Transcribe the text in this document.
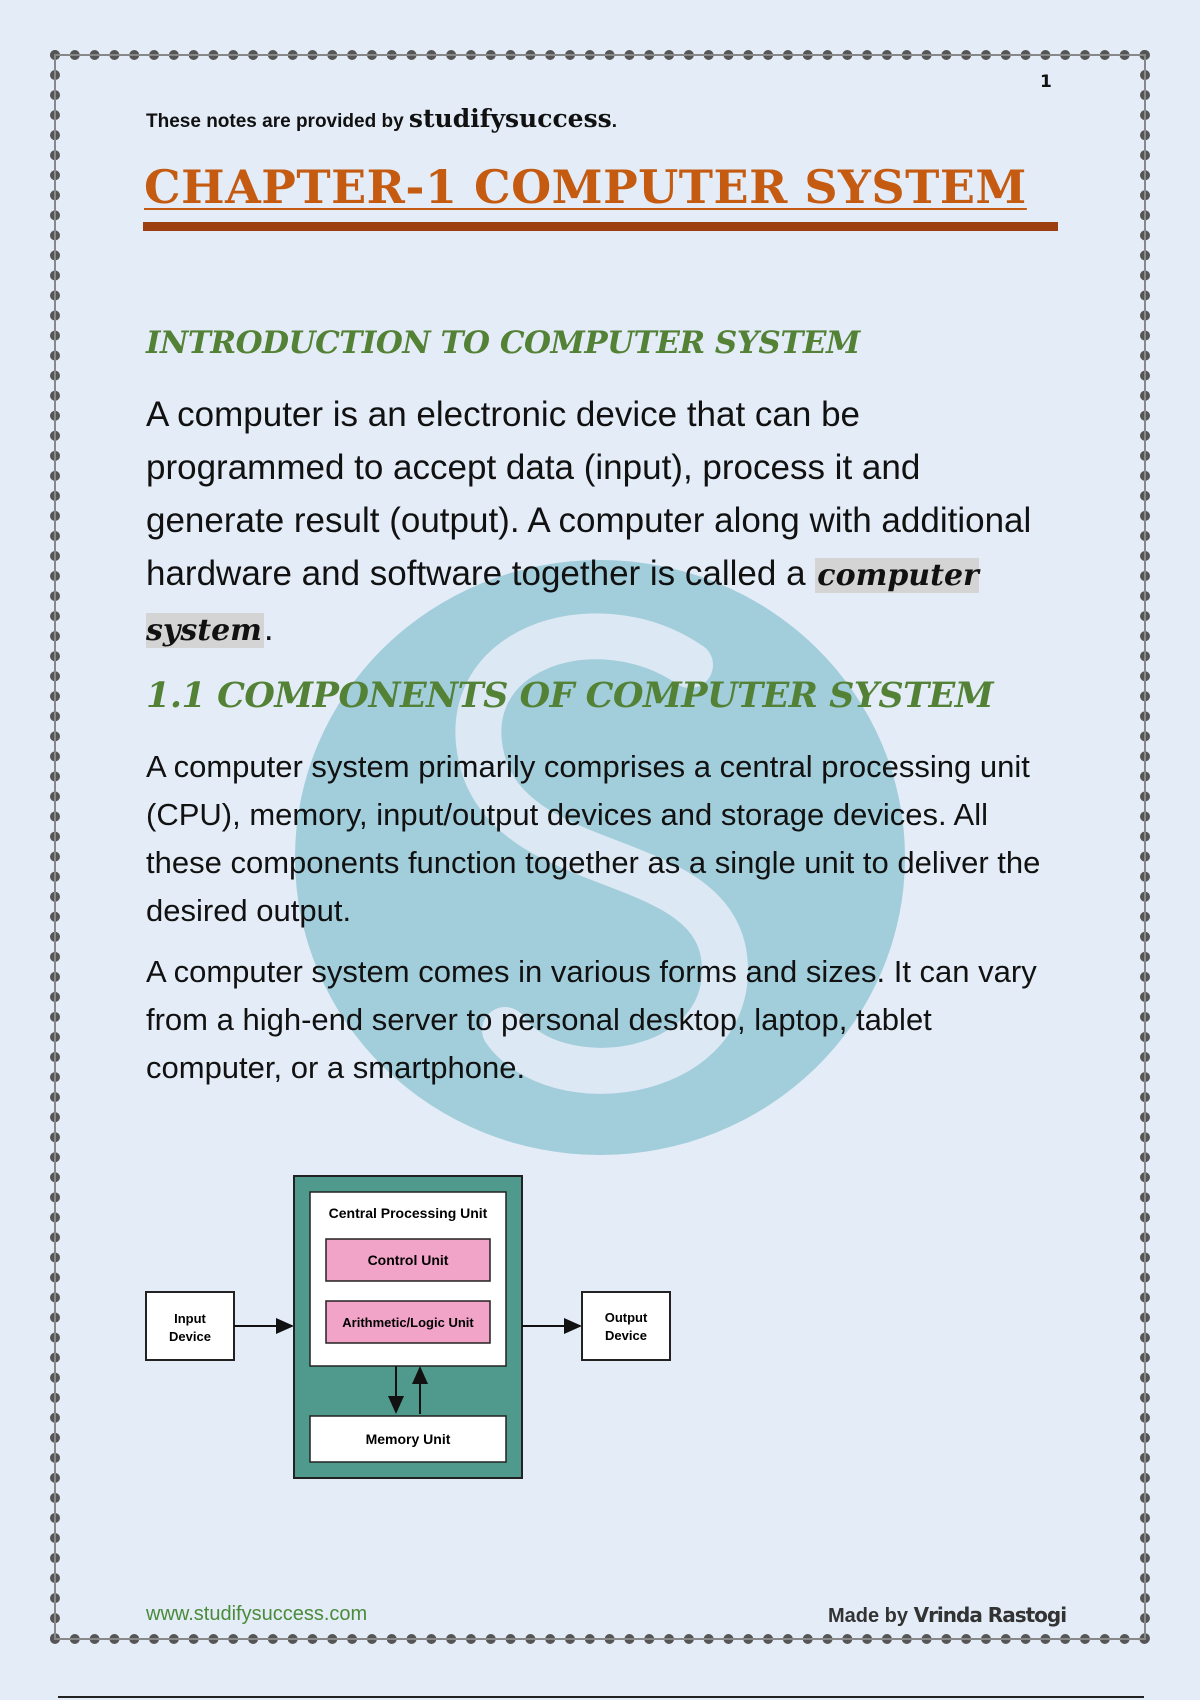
1
These notes are provided by studifysuccess.
CHAPTER-1 COMPUTER SYSTEM
INTRODUCTION TO COMPUTER SYSTEM

A computer is an electronic device that can be programmed to accept data (input), process it and generate result (output). A computer along with additional hardware and software together is called a computer system.

1.1 COMPONENTS OF COMPUTER SYSTEM

A computer system primarily comprises a central processing unit (CPU), memory, input/output devices and storage devices. All these components function together as a single unit to deliver the desired output.

A computer system comes in various forms and sizes. It can vary from a high-end server to personal desktop, laptop, tablet computer, or a smartphone.

Input
Device
Central Processing Unit
Control Unit
Arithmetic/Logic Unit
Memory Unit
Output
Device
www.studifysuccess.com	Made by Vrinda Rastogi
